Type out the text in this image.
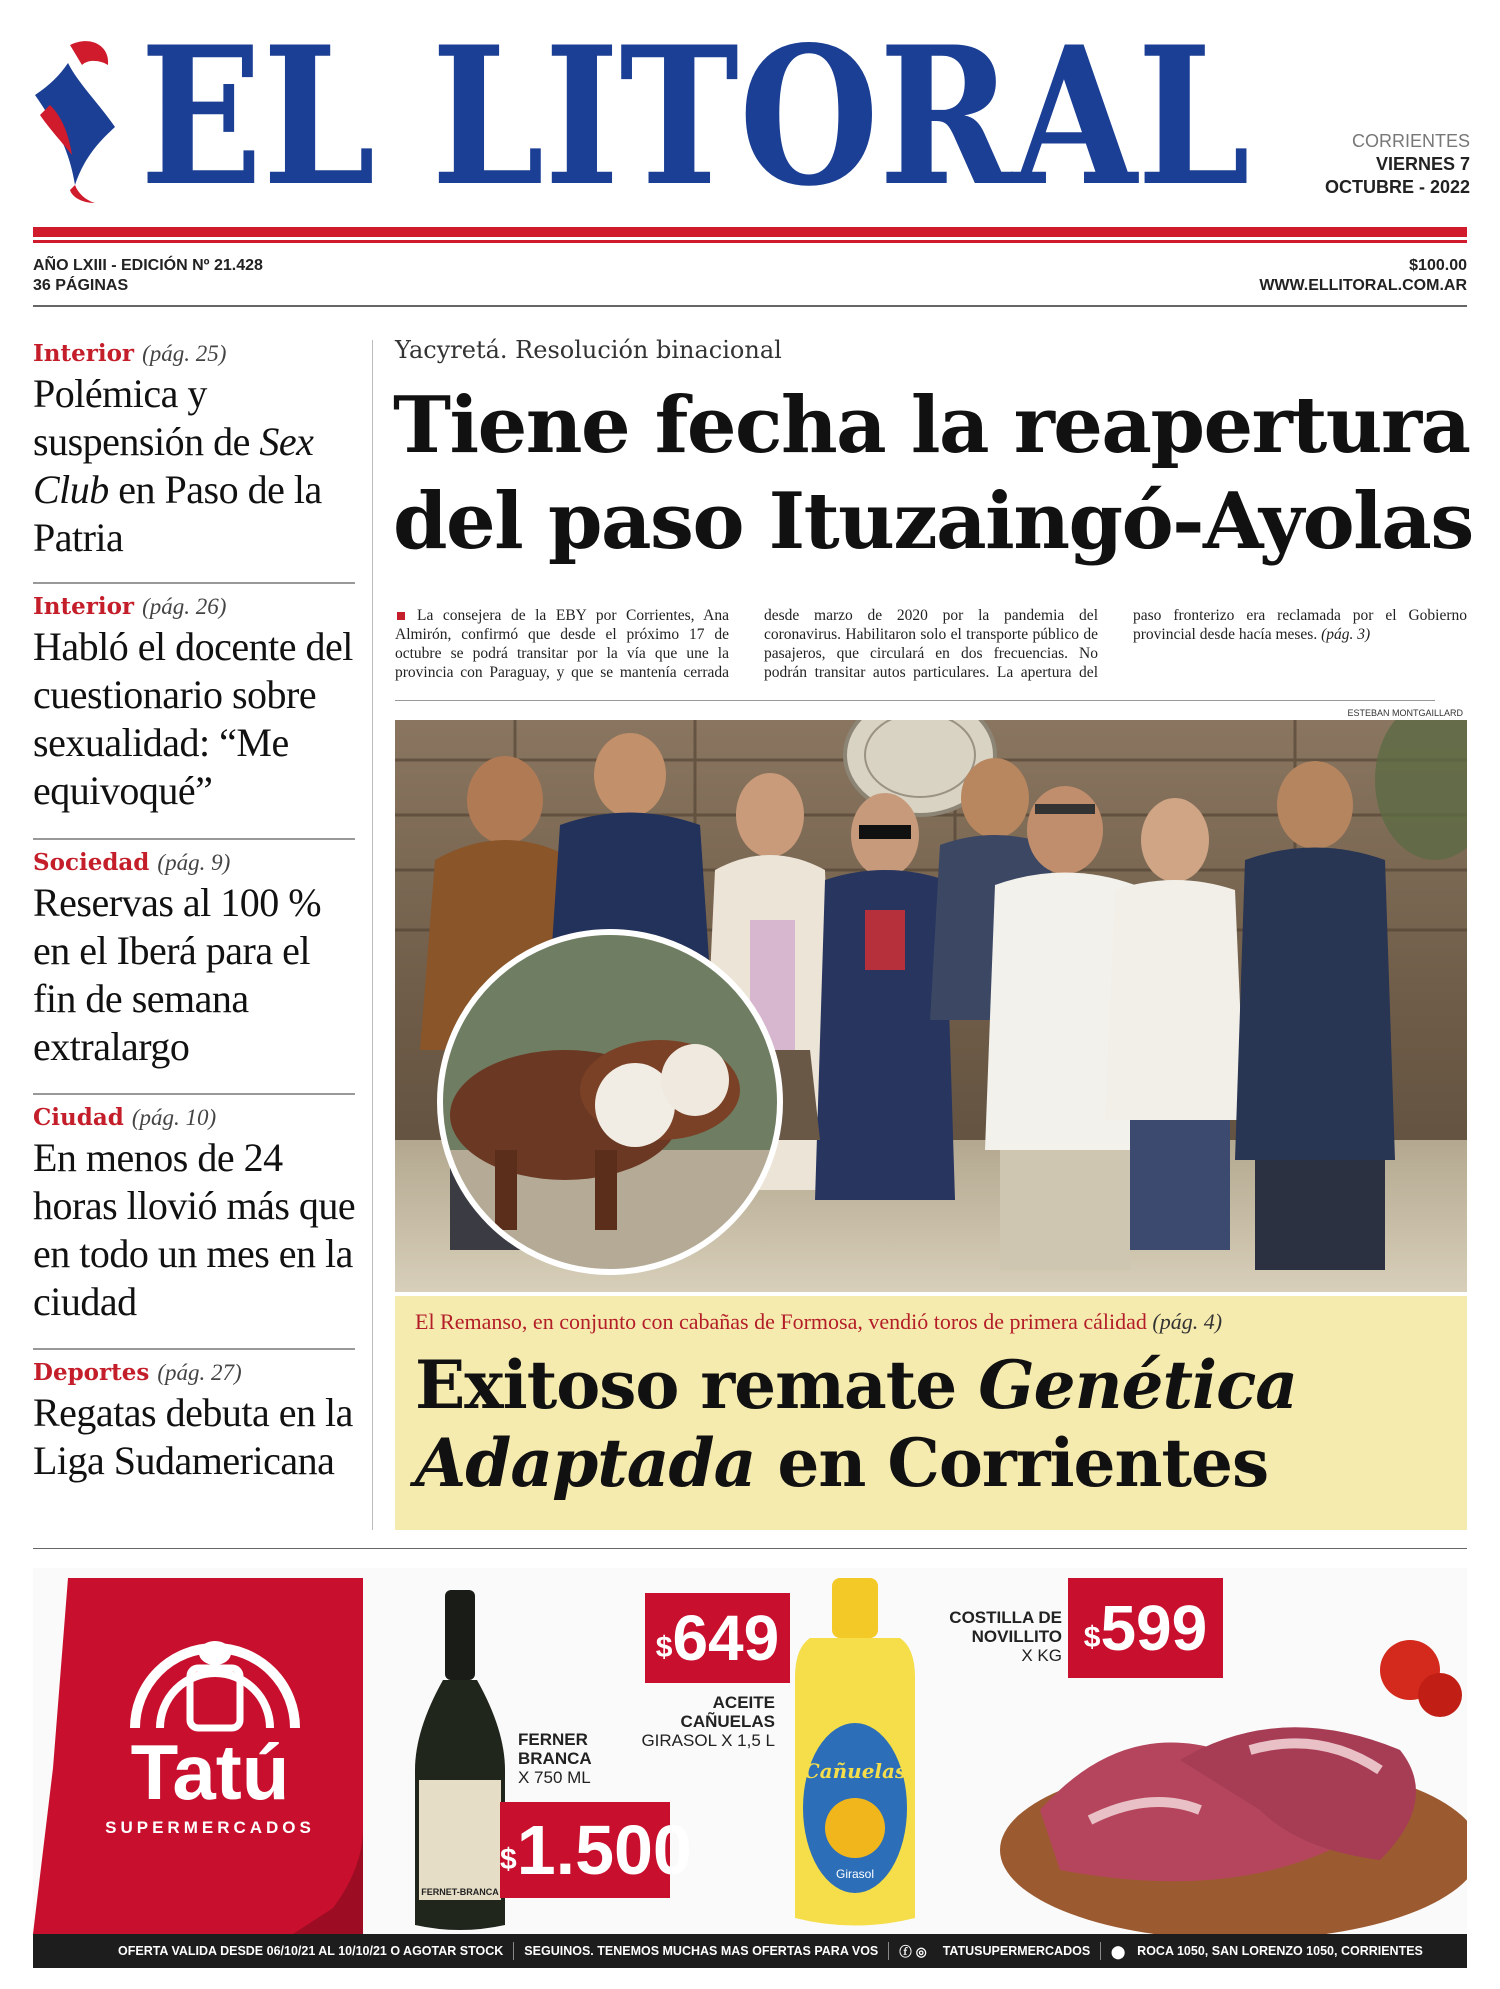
EL LITORAL	CORRIENTES
VIERNES 7
OCTUBRE - 2022
AÑO LXIII - EDICIÓN Nº 21.428
36 PÁGINAS
$100.00
WWW.ELLITORAL.COM.AR
Interior (pág. 25)
Polémica y suspensión de Sex Club en Paso de la Patria
Interior (pág. 26)
Habló el docente del cuestionario sobre sexualidad: “Me equivoqué”
Sociedad (pág. 9)
Reservas al 100 % en el Iberá para el fin de semana extralargo
Ciudad (pág. 10)
En menos de 24 horas llovió más que en todo un mes en la ciudad
Deportes (pág. 27)
Regatas debuta en la Liga Sudamericana
Yacyretá. Resolución binacional
Tiene fecha la reapertura del paso Ituzaingó-Ayolas
La consejera de la EBY por Corrientes, Ana Almirón, confirmó que desde el próximo 17 de octubre se podrá transitar por la vía que une la provincia con Paraguay, y que se mantenía cerrada desde marzo de 2020 por la pandemia del coronavirus. Habilitaron solo el transporte público de pasajeros, que circulará en dos frecuencias. No podrán transitar autos particulares. La apertura del paso fronterizo era reclamada por el Gobierno provincial desde hacía meses. (pág. 3)
ESTEBAN MONTGAILLARD
El Remanso, en conjunto con cabañas de Formosa, vendió toros de primera cálidad (pág. 4)
Exitoso remate Genética
Adaptada en Corrientes
Tatú
SUPERMERCADOS
FERNET-BRANCA
FERNER
BRANCA
X 750 ML
$1.500
$649
ACEITE
CAÑUELAS
GIRASOL X 1,5 L
Cañuelas
Girasol
COSTILLA DE
NOVILLITO
X KG
$599
OFERTA VALIDA DESDE 06/10/21 AL 10/10/21 O AGOTAR STOCK	SEGUINOS. TENEMOS MUCHAS MAS OFERTAS PARA VOS	ⓕ ◎	TATUSUPERMERCADOS	⬤ ROCA 1050, SAN LORENZO 1050, CORRIENTES
